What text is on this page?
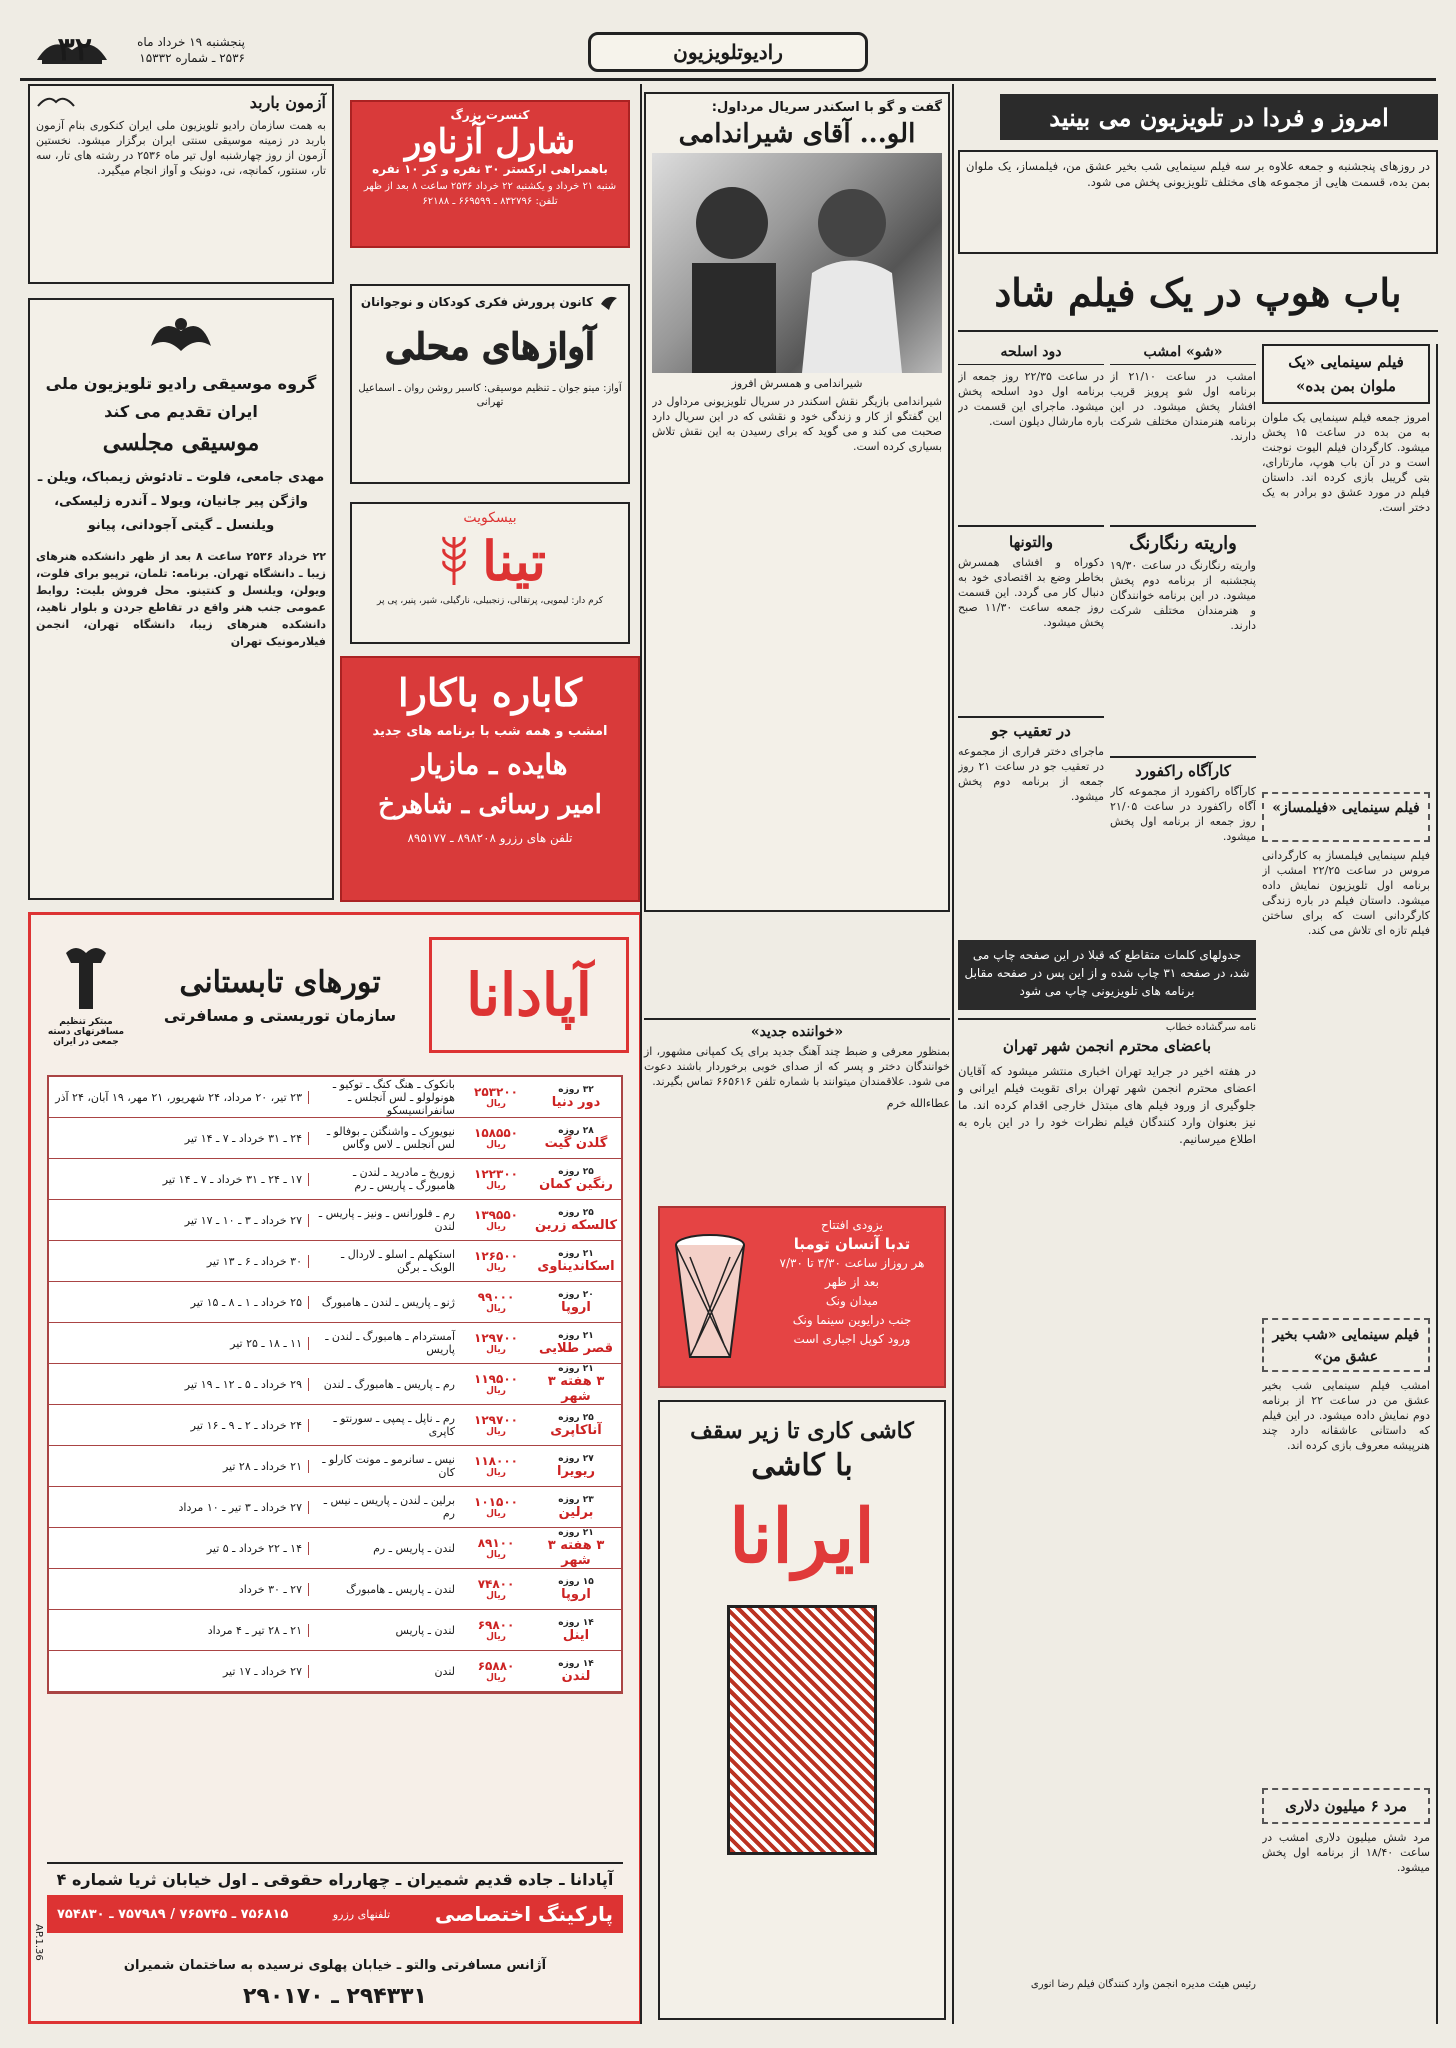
رادیوتلویزیون
پنجشنبه ۱۹ خرداد ماه
۲۵۳۶ ـ شماره ۱۵۳۳۲
۳۲
امروز و فردا در تلویزیون می بینید
در روزهای پنجشنبه و جمعه علاوه بر سه فیلم سینمایی شب بخیر عشق من، فیلمساز، یک ملوان بمن بده، قسمت هایی از مجموعه های مختلف تلویزیونی پخش می شود.
باب هوپ در یک فیلم شاد
فیلم سینمایی «یک ملوان بمن بده»
امروز جمعه فیلم سینمایی یک ملوان به من بده در ساعت ۱۵ پخش میشود. کارگردان فیلم الیوت نوجنت است و در آن باب هوپ، مارتارای، بتی گریبل بازی کرده اند. داستان فیلم در مورد عشق دو برادر به یک دختر است.
فیلم سینمایی «فیلمساز»
فیلم سینمایی فیلمساز به کارگردانی مروس در ساعت ۲۲/۲۵ امشب از برنامه اول تلویزیون نمایش داده میشود. داستان فیلم در باره زندگی کارگردانی است که برای ساختن فیلم تازه ای تلاش می کند.
فیلم سینمایی «شب بخیر عشق من»
امشب فیلم سینمایی شب بخیر عشق من در ساعت ۲۲ از برنامه دوم نمایش داده میشود. در این فیلم که داستانی عاشقانه دارد چند هنرپیشه معروف بازی کرده اند.
مرد ۶ میلیون دلاری
مرد شش میلیون دلاری امشب در ساعت ۱۸/۴۰ از برنامه اول پخش میشود.
«شو» امشب
امشب در ساعت ۲۱/۱۰ از برنامه اول شو پرویز قریب افشار پخش میشود. در این برنامه هنرمندان مختلف شرکت دارند.
واریته رنگارنگ
واریته رنگارنگ در ساعت ۱۹/۳۰ پنجشنبه از برنامه دوم پخش میشود. در این برنامه خوانندگان و هنرمندان مختلف شرکت دارند.
دود اسلحه
در ساعت ۲۲/۳۵ روز جمعه از برنامه اول دود اسلحه پخش میشود. ماجرای این قسمت در باره مارشال دیلون است.
والتونها
دکوراه و افشای همسرش بخاطر وضع بد اقتصادی خود به دنبال کار می گردد. این قسمت روز جمعه ساعت ۱۱/۳۰ صبح پخش میشود.
در تعقیب جو
ماجرای دختر فراری از مجموعه در تعقیب جو در ساعت ۲۱ روز جمعه از برنامه دوم پخش میشود.
کارآگاه راکفورد
کارآگاه راکفورد از مجموعه کار آگاه راکفورد در ساعت ۲۱/۰۵ روز جمعه از برنامه اول پخش میشود.
جدولهای کلمات متقاطع که قبلا در این صفحه چاپ می شد، در صفحه ۳۱ چاپ شده و از این پس در صفحه مقابل برنامه های تلویزیونی چاپ می شود
نامه سرگشاده خطاب
باعضای محترم انجمن شهر تهران
در هفته اخیر در جراید تهران اخباری منتشر میشود که آقایان اعضای محترم انجمن شهر تهران برای تقویت فیلم ایرانی و جلوگیری از ورود فیلم های مبتذل خارجی اقدام کرده اند. ما نیز بعنوان وارد کنندگان فیلم نظرات خود را در این باره به اطلاع میرسانیم.
رئیس هیئت مدیره انجمن وارد کنندگان فیلم رضا انوری
گفت و گو با اسکندر سریال مرداول:
الو... آقای شیراندامی
شیراندامی و همسرش افروز
شیراندامی بازیگر نقش اسکندر در سریال تلویزیونی مرداول در این گفتگو از کار و زندگی خود و نقشی که در این سریال دارد صحبت می کند و می گوید که برای رسیدن به این نقش تلاش بسیاری کرده است.
«خواننده جدید»
بمنظور معرفی و ضبط چند آهنگ جدید برای یک کمپانی مشهور، از خوانندگان دختر و پسر که از صدای خوبی برخوردار باشند دعوت می شود. علاقمندان میتوانند با شماره تلفن ۶۶۵۶۱۶ تماس بگیرند.
عطاءالله خرم
یزودی افتتاح
تدبا آنسان تومبا
هر روزاز ساعت ۳/۳۰ تا ۷/۳۰
بعد از ظهر
میدان ونک
جنب درایوین سینما ونک
ورود کوپل اجباری است
کاشی کاری تا زیر سقف
با کاشی
ایرانا
کنسرت بزرگ
شارل آزناور
باهمراهی ارکستر ۳۰ نفره و کر ۱۰ نفره
شنبه ۲۱ خرداد و یکشنبه ۲۲ خرداد ۲۵۳۶ ساعت ۸ بعد از ظهر
تلفن: ۸۳۲۷۹۶ ـ ۶۶۹۵۹۹ ـ ۶۲۱۸۸
کانون پرورش فکری کودکان و نوجوانان
آوازهای محلی
آواز: مینو جوان ـ تنظیم موسیقی: کاسبر روشن روان ـ اسماعیل تهرانی
بیسکویت
تینا
کرم دار: لیمویی، پرتقالی، زنجبیلی، نارگیلی، شیر، پنیر، پی پر
کاباره باکارا
امشب و همه شب با برنامه های جدید
هایده ـ مازیار
امیر رسائی ـ شاهرخ
تلفن های رزرو ۸۹۸۲۰۸ ـ ۸۹۵۱۷۷
آزمون باربد
به همت سازمان رادیو تلویزیون ملی ایران کنکوری بنام آزمون باربد در زمینه موسیقی سنتی ایران برگزار میشود. نخستین آزمون از روز چهارشنبه اول تیر ماه ۲۵۳۶ در رشته های تار، سه تار، سنتور، کمانچه، نی، دونبک و آواز انجام میگیرد.
گروه موسیقی رادیو تلویزیون ملی
ایران تقدیم می کند
موسیقی مجلسی
مهدی جامعی، فلوت ـ تادئوش زیمباک، ویلن ـ واژگن پیر جانیان، ویولا ـ آندره زلیسکی، ویلنسل ـ گیتی آجودانی، پیانو
۲۲ خرداد ۲۵۳۶ ساعت ۸ بعد از ظهر دانشکده هنرهای زیبا ـ دانشگاه تهران. برنامه: تلمان، ترپیو برای فلوت، ویولن، ویلنسل و کنتینو. محل فروش بلیت: روابط عمومی جنب هنر واقع در تقاطع جردن و بلوار ناهید، دانشکده هنرهای زیبا، دانشگاه تهران، انجمن فیلارمونیک تهران
آپادانا
تورهای تابستانی
سازمان توریستی و مسافرتی
مبتکر تنظیم مسافرتهای دسته جمعی در ایران
۳۲ روزه
دور دنیا
۲۵۳۲۰۰
ریال
بانکوک ـ هنگ کنگ ـ توکیو ـ هونولولو ـ لس آنجلس ـ سانفرانسیسکو
۲۳ تیر، ۲۰ مرداد، ۲۴ شهریور، ۲۱ مهر، ۱۹ آبان، ۲۴ آذر
۲۸ روزه
گلدن گیت
۱۵۸۵۵۰
ریال
نیویورک ـ واشنگتن ـ بوفالو ـ لس آنجلس ـ لاس وگاس
۲۴ ـ ۳۱ خرداد ـ ۷ ـ ۱۴ تیر
۲۵ روزه
رنگین کمان
۱۲۲۳۰۰
ریال
زوریخ ـ مادرید ـ لندن ـ هامبورگ ـ پاریس ـ رم
۱۷ ـ ۲۴ ـ ۳۱ خرداد ـ ۷ ـ ۱۴ تیر
۲۵ روزه
کالسکه زرین
۱۳۹۵۵۰
ریال
رم ـ فلورانس ـ ونیز ـ پاریس ـ لندن
۲۷ خرداد ـ ۳ ـ ۱۰ ـ ۱۷ تیر
۲۱ روزه
اسکاندیناوی
۱۲۶۵۰۰
ریال
استکهلم ـ اسلو ـ لاردال ـ الوبک ـ برگن
۳۰ خرداد ـ ۶ ـ ۱۳ تیر
۲۰ روزه
اروپا
۹۹۰۰۰
ریال
ژنو ـ پاریس ـ لندن ـ هامبورگ
۲۵ خرداد ـ ۱ ـ ۸ ـ ۱۵ تیر
۲۱ روزه
قصر طلایی
۱۲۹۷۰۰
ریال
آمستردام ـ هامبورگ ـ لندن ـ پاریس
۱۱ ـ ۱۸ ـ ۲۵ تیر
۲۱ روزه
۳ هفته ۳ شهر
۱۱۹۵۰۰
ریال
رم ـ پاریس ـ هامبورگ ـ لندن
۲۹ خرداد ـ ۵ ـ ۱۲ ـ ۱۹ تیر
۲۵ روزه
آناکاپری
۱۲۹۷۰۰
ریال
رم ـ ناپل ـ پمپی ـ سورنتو ـ کاپری
۲۴ خرداد ـ ۲ ـ ۹ ـ ۱۶ تیر
۲۷ روزه
ریویرا
۱۱۸۰۰۰
ریال
نیس ـ سانرمو ـ مونت کارلو ـ کان
۲۱ خرداد ـ ۲۸ تیر
۲۳ روزه
برلین
۱۰۱۵۰۰
ریال
برلین ـ لندن ـ پاریس ـ نیس ـ رم
۲۷ خرداد ـ ۳ تیر ـ ۱۰ مرداد
۲۱ روزه
۳ هفته ۳ شهر
۸۹۱۰۰
ریال
لندن ـ پاریس ـ رم
۱۴ ـ ۲۲ خرداد ـ ۵ تیر
۱۵ روزه
اروپا
۷۴۸۰۰
ریال
لندن ـ پاریس ـ هامبورگ
۲۷ ـ ۳۰ خرداد
۱۴ روزه
اینل
۶۹۸۰۰
ریال
لندن ـ پاریس
۲۱ ـ ۲۸ تیر ـ ۴ مرداد
۱۴ روزه
لندن
۶۵۸۸۰
ریال
لندن
۲۷ خرداد ـ ۱۷ تیر
آپادانا ـ جاده قدیم شمیران ـ چهارراه حقوقی ـ اول خیابان ثریا شماره ۴
پارکینگ اختصاصی
تلفنهای رزرو
۷۵۶۸۱۵ ـ ۷۶۵۷۴۵ / ۷۵۷۹۸۹ ـ ۷۵۴۸۳۰
آژانس مسافرتی والتو ـ خیابان پهلوی نرسیده به ساختمان شمیران
۲۹۴۳۳۱ ـ ۲۹۰۱۷۰
36.AP.1
